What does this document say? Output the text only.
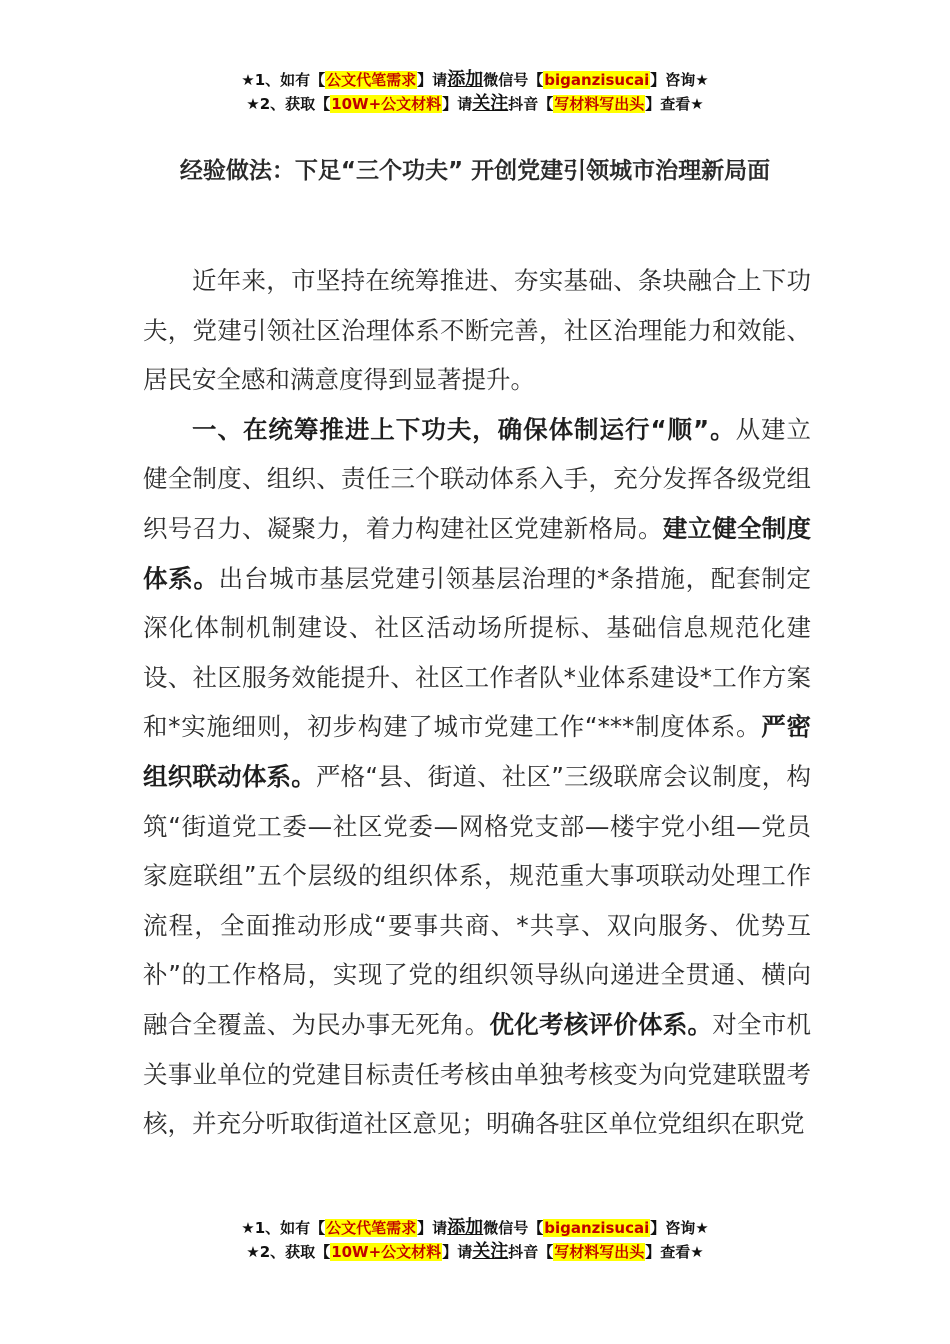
★1、如有【公文代笔需求】请添加微信号【biganzisucai】咨询★
★2、获取【10W+公文材料】请关注抖音【写材料写出头】查看★
经验做法：下足“三个功夫” 开创党建引领城市治理新局面

近年来，市坚持在统筹推进、夯实基础、条块融合上下功夫，党建引领社区治理体系不断完善，社区治理能力和效能、居民安全感和满意度得到显著提升。

一、在统筹推进上下功夫，确保体制运行“顺”。从建立健全制度、组织、责任三个联动体系入手，充分发挥各级党组织号召力、凝聚力，着力构建社区党建新格局。建立健全制度体系。出台城市基层党建引领基层治理的*条措施，配套制定深化体制机制建设、社区活动场所提标、基础信息规范化建设、社区服务效能提升、社区工作者队*业体系建设*工作方案和*实施细则，初步构建了城市党建工作“***制度体系。严密组织联动体系。严格“县、街道、社区”三级联席会议制度，构筑“街道党工委—社区党委—网格党支部—楼宇党小组—党员家庭联组”五个层级的组织体系，规范重大事项联动处理工作流程，全面推动形成“要事共商、*共享、双向服务、优势互补”的工作格局，实现了党的组织领导纵向递进全贯通、横向融合全覆盖、为民办事无死角。优化考核评价体系。对全市机关事业单位的党建目标责任考核由单独考核变为向党建联盟考核，并充分听取街道社区意见；明确各驻区单位党组织在职党

★1、如有【公文代笔需求】请添加微信号【biganzisucai】咨询★
★2、获取【10W+公文材料】请关注抖音【写材料写出头】查看★
